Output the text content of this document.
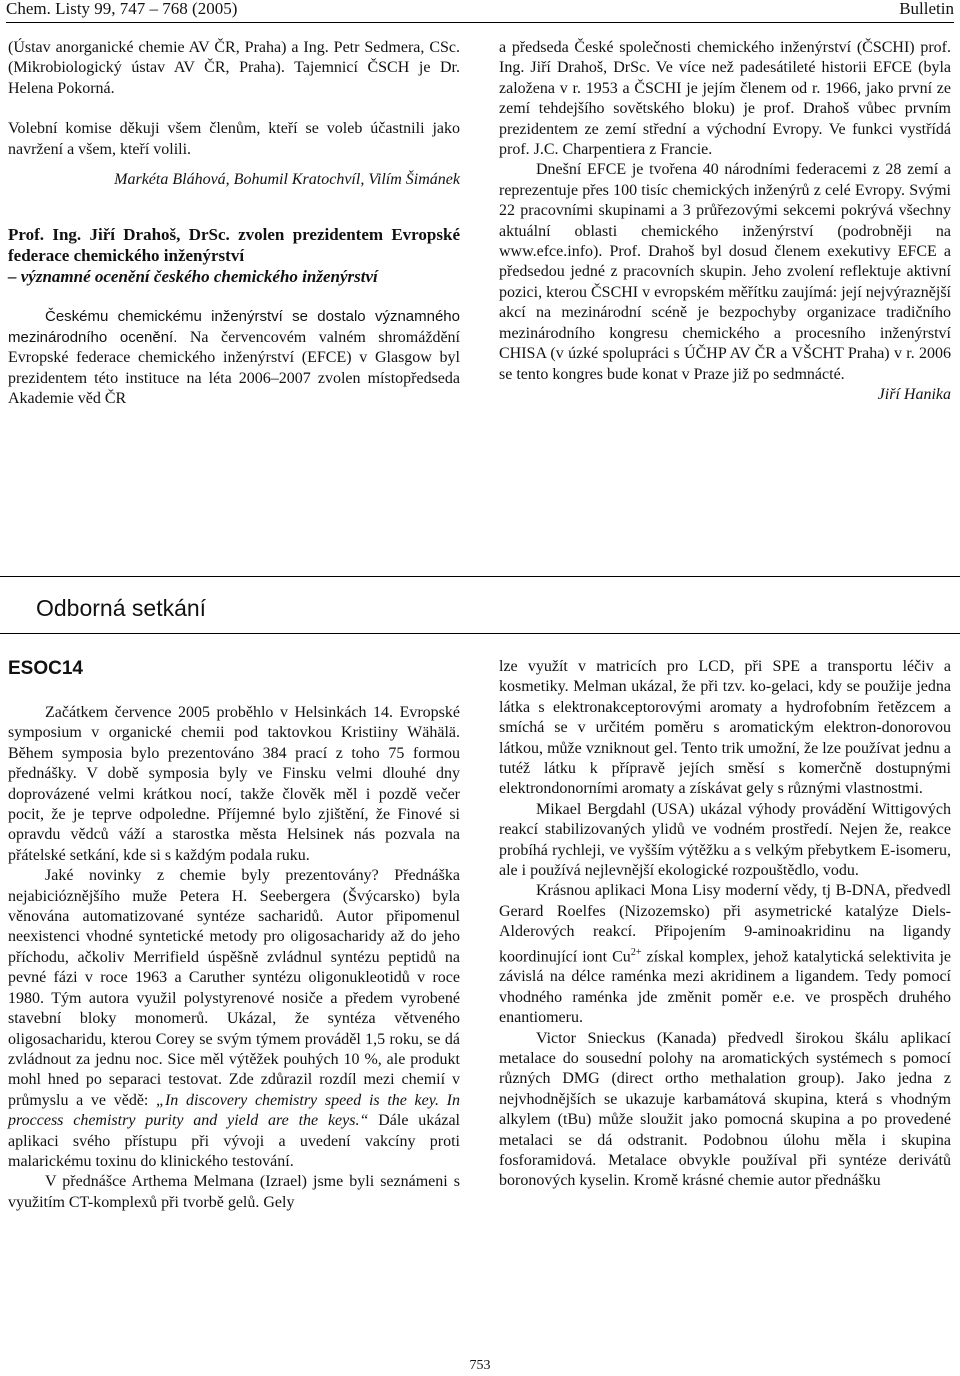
Chem. Listy 99, 747 – 768 (2005)	Bulletin

(Ústav anorganické chemie AV ČR, Praha) a Ing. Petr Sedmera, CSc. (Mikrobiologický ústav AV ČR, Praha). Tajemnicí ČSCH je Dr. Helena Pokorná.

Volební komise děkuji všem členům, kteří se voleb účastnili jako navržení a všem, kteří volili.

Markéta Bláhová, Bohumil Kratochvíl, Vilím Šimánek

Prof. Ing. Jiří Drahoš, DrSc. zvolen prezidentem Evropské federace chemického inženýrství

– významné ocenění českého chemického inženýrství

Českému chemickému inženýrství se dostalo významného mezinárodního ocenění. Na červencovém valném shromáždění Evropské federace chemického inženýrství (EFCE) v Glasgow byl prezidentem této instituce na léta 2006–2007 zvolen místopředseda Akademie věd ČR

a předseda České společnosti chemického inženýrství (ČSCHI) prof. Ing. Jiří Drahoš, DrSc. Ve více než padesátileté historii EFCE (byla založena v r. 1953 a ČSCHI je jejím členem od r. 1966, jako první ze zemí tehdejšího sovětského bloku) je prof. Drahoš vůbec prvním prezidentem ze zemí střední a východní Evropy. Ve funkci vystřídá prof. J.C. Charpentiera z Francie.

Dnešní EFCE je tvořena 40 národními federacemi z 28 zemí a reprezentuje přes 100 tisíc chemických inženýrů z celé Evropy. Svými 22 pracovními skupinami a 3 průřezovými sekcemi pokrývá všechny aktuální oblasti chemického inženýrství (podrobněji na www.efce.info). Prof. Drahoš byl dosud členem exekutivy EFCE a předsedou jedné z pracovních skupin. Jeho zvolení reflektuje aktivní pozici, kterou ČSCHI v evropském měřítku zaujímá: její nejvýraznější akcí na mezinárodní scéně je bezpochyby organizace tradičního mezinárodního kongresu chemického a procesního inženýrství CHISA (v úzké spolupráci s ÚČHP AV ČR a VŠCHT Praha) v r. 2006 se tento kongres bude konat v Praze již po sedmnácté.

Jiří Hanika

Odborná setkání
ESOC14

Začátkem července 2005 proběhlo v Helsinkách 14. Evropské symposium v organické chemii pod taktovkou Kristiiny Wähälä. Během symposia bylo prezentováno 384 prací z toho 75 formou přednášky. V době symposia byly ve Finsku velmi dlouhé dny doprovázené velmi krátkou nocí, takže člověk měl i pozdě večer pocit, že je teprve odpoledne. Příjemné bylo zjištění, že Finové si opravdu vědců váží a starostka města Helsinek nás pozvala na přátelské setkání, kde si s každým podala ruku.

Jaké novinky z chemie byly prezentovány? Přednáška nejabicióznějšího muže Petera H. Seebergera (Švýcarsko) byla věnována automatizované syntéze sacharidů. Autor připomenul neexistenci vhodné syntetické metody pro oligosacharidy až do jeho příchodu, ačkoliv Merrifield úspěšně zvládnul syntézu peptidů na pevné fázi v roce 1963 a Caruther syntézu oligonukleotidů v roce 1980. Tým autora využil polystyrenové nosiče a předem vyrobené stavební bloky monomerů. Ukázal, že syntéza větveného oligosacharidu, kterou Corey se svým týmem prováděl 1,5 roku, se dá zvládnout za jednu noc. Sice měl výtěžek pouhých 10 %, ale produkt mohl hned po separaci testovat. Zde zdůrazil rozdíl mezi chemií v průmyslu a ve vědě: „In discovery chemistry speed is the key. In proccess chemistry purity and yield are the keys.“ Dále ukázal aplikaci svého přístupu při vývoji a uvedení vakcíny proti malarickému toxinu do klinického testování.

V přednášce Arthema Melmana (Izrael) jsme byli seznámeni s využitím CT-komplexů při tvorbě gelů. Gely

lze využít v matricích pro LCD, při SPE a transportu léčiv a kosmetiky. Melman ukázal, že při tzv. ko-gelaci, kdy se použije jedna látka s elektronakceptorovými aromaty a hydrofobním řetězcem a smíchá se v určitém poměru s aromatickým elektron-donorovou látkou, může vzniknout gel. Tento trik umožní, že lze používat jednu a tutéž látku k přípravě jejích směsí s komerčně dostupnými elektrondonorními aromaty a získávat gely s různými vlastnostmi.

Mikael Bergdahl (USA) ukázal výhody provádění Wittigových reakcí stabilizovaných ylidů ve vodném prostředí. Nejen že, reakce probíhá rychleji, ve vyšším výtěžku a s velkým přebytkem E-isomeru, ale i používá nejlevnější ekologické rozpouštědlo, vodu.

Krásnou aplikaci Mona Lisy moderní vědy, tj B-DNA, předvedl Gerard Roelfes (Nizozemsko) při asymetrické katalýze Diels-Alderových reakcí. Připojením 9-aminoakridinu na ligandy koordinující iont $Cu^{2+}$ získal komplex, jehož katalytická selektivita je závislá na délce raménka mezi akridinem a ligandem. Tedy pomocí vhodného raménka jde změnit poměr e.e. ve prospěch druhého enantiomeru.

Victor Snieckus (Kanada) předvedl širokou škálu aplikací metalace do sousední polohy na aromatických systémech s pomocí různých DMG (direct ortho methalation group). Jako jedna z nejvhodnějších se ukazuje karbamátová skupina, která s vhodným alkylem (tBu) může sloužit jako pomocná skupina a po provedené metalaci se dá odstranit. Podobnou úlohu měla i skupina fosforamidová. Metalace obvykle používal při syntéze derivátů boronových kyselin. Kromě krásné chemie autor přednášku

753
